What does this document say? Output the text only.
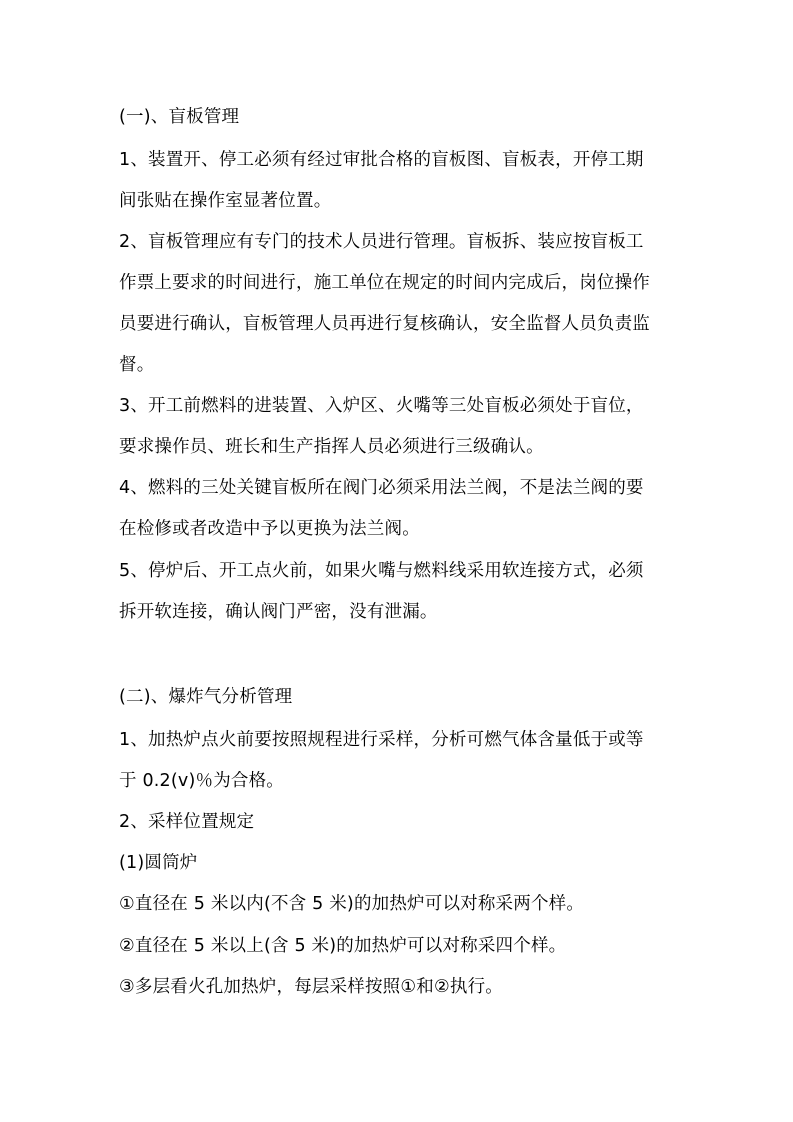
(一)、盲板管理
1、装置开、停工必须有经过审批合格的盲板图、盲板表，开停工期
间张贴在操作室显著位置。
2、盲板管理应有专门的技术人员进行管理。盲板拆、装应按盲板工
作票上要求的时间进行，施工单位在规定的时间内完成后，岗位操作
员要进行确认，盲板管理人员再进行复核确认，安全监督人员负责监
督。
3、开工前燃料的进装置、入炉区、火嘴等三处盲板必须处于盲位，
要求操作员、班长和生产指挥人员必须进行三级确认。
4、燃料的三处关键盲板所在阀门必须采用法兰阀，不是法兰阀的要
在检修或者改造中予以更换为法兰阀。
5、停炉后、开工点火前，如果火嘴与燃料线采用软连接方式，必须
拆开软连接，确认阀门严密，没有泄漏。
(二)、爆炸气分析管理
1、加热炉点火前要按照规程进行采样，分析可燃气体含量低于或等
于 0.2(v)％为合格。
2、采样位置规定
(1)圆筒炉
①直径在 5 米以内(不含 5 米)的加热炉可以对称采两个样。
②直径在 5 米以上(含 5 米)的加热炉可以对称采四个样。
③多层看火孔加热炉，每层采样按照①和②执行。
